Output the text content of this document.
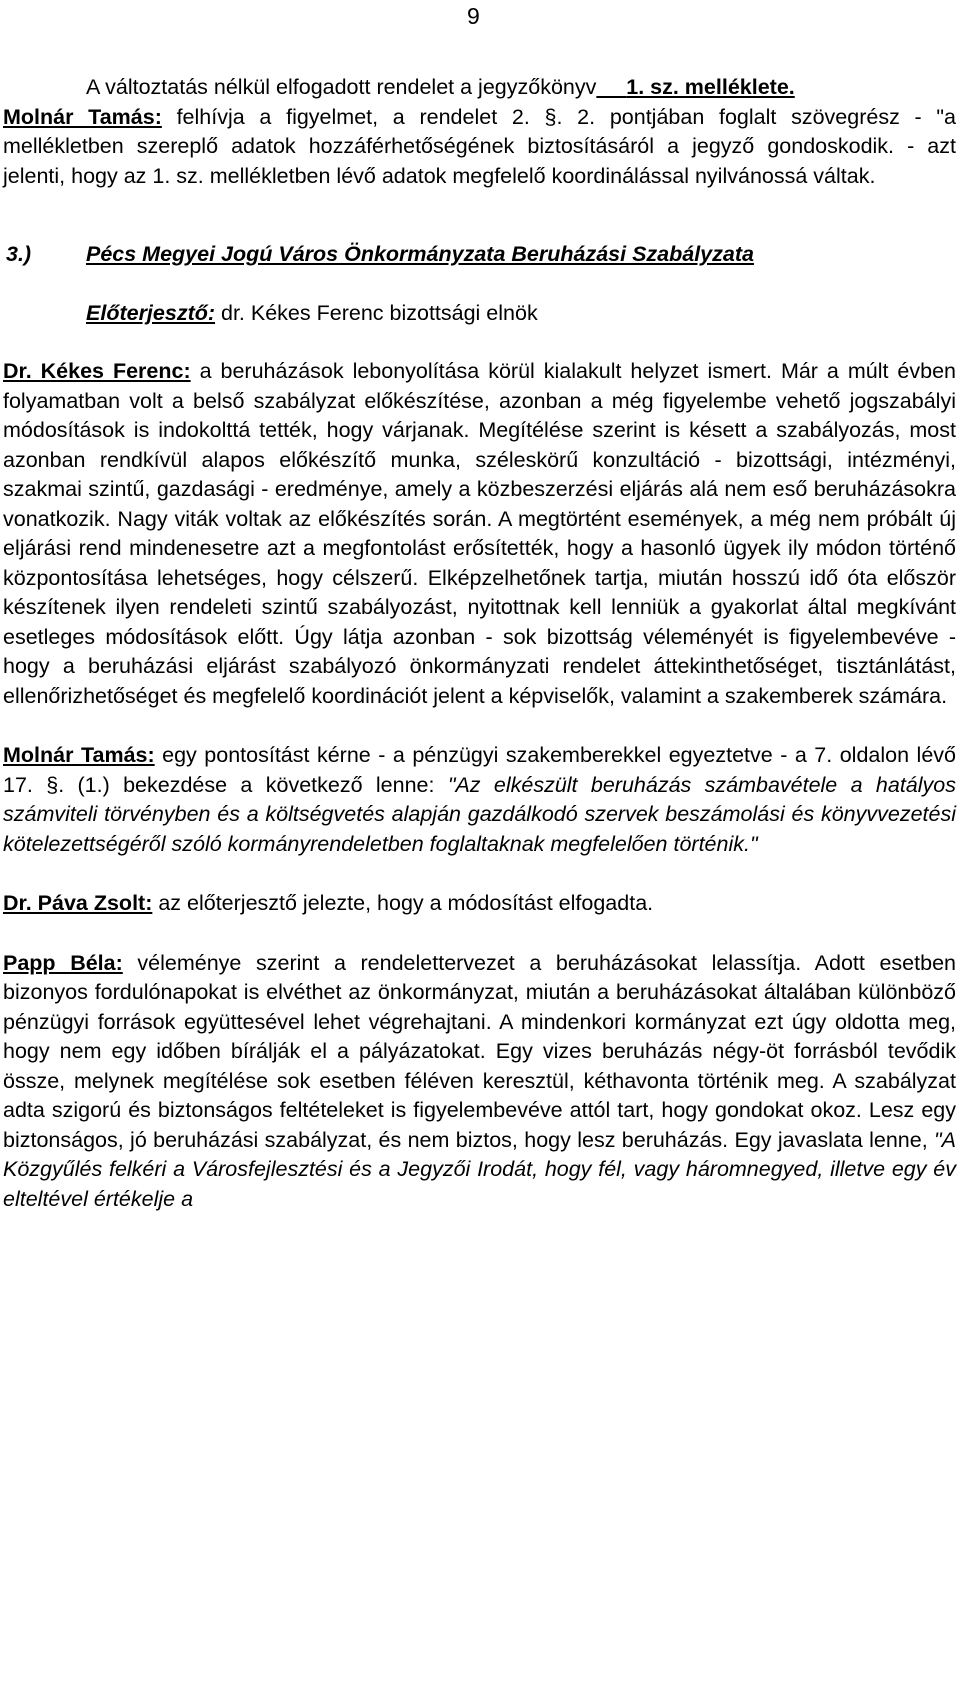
9

A változtatás nélkül elfogadott rendelet a jegyzőkönyv 1. sz. melléklete.

Molnár Tamás: felhívja a figyelmet, a rendelet 2. §. 2. pontjában foglalt szövegrész - "a mellékletben szereplő adatok hozzáférhetőségének biztosításáról a jegyző gondoskodik. - azt jelenti, hogy az 1. sz. mellékletben lévő adatok megfelelő koordinálással nyilvánossá váltak.

3.)	Pécs Megyei Jogú Város Önkormányzata Beruházási Szabályzata
Előterjesztő: dr. Kékes Ferenc bizottsági elnök

Dr. Kékes Ferenc: a beruházások lebonyolítása körül kialakult helyzet ismert. Már a múlt évben folyamatban volt a belső szabályzat előkészítése, azonban a még figyelembe vehető jogszabályi módosítások is indokolttá tették, hogy várjanak. Megítélése szerint is késett a szabályozás, most azonban rendkívül alapos előkészítő munka, széleskörű konzultáció - bizottsági, intézményi, szakmai szintű, gazdasági - eredménye, amely a közbeszerzési eljárás alá nem eső beruházásokra vonatkozik. Nagy viták voltak az előkészítés során. A megtörtént események, a még nem próbált új eljárási rend mindenesetre azt a megfontolást erősítették, hogy a hasonló ügyek ily módon történő központosítása lehetséges, hogy célszerű. Elképzelhetőnek tartja, miután hosszú idő óta először készítenek ilyen rendeleti szintű szabályozást, nyitottnak kell lenniük a gyakorlat által megkívánt esetleges módosítások előtt. Úgy látja azonban - sok bizottság véleményét is figyelembevéve - hogy a beruházási eljárást szabályozó önkormányzati rendelet áttekinthetőséget, tisztánlátást, ellenőrizhetőséget és megfelelő koordinációt jelent a képviselők, valamint a szakemberek számára.

Molnár Tamás: egy pontosítást kérne - a pénzügyi szakemberekkel egyeztetve - a 7. oldalon lévő 17. §. (1.) bekezdése a következő lenne: "Az elkészült beruházás számbavétele a hatályos számviteli törvényben és a költségvetés alapján gazdálkodó szervek beszámolási és könyvvezetési kötelezettségéről szóló kormányrendeletben foglaltaknak megfelelően történik."

Dr. Páva Zsolt: az előterjesztő jelezte, hogy a módosítást elfogadta.

Papp Béla: véleménye szerint a rendelettervezet a beruházásokat lelassítja. Adott esetben bizonyos fordulónapokat is elvéthet az önkormányzat, miután a beruházásokat általában különböző pénzügyi források együttesével lehet végrehajtani. A mindenkori kormányzat ezt úgy oldotta meg, hogy nem egy időben bírálják el a pályázatokat. Egy vizes beruházás négy-öt forrásból tevődik össze, melynek megítélése sok esetben féléven keresztül, kéthavonta történik meg. A szabályzat adta szigorú és biztonságos feltételeket is figyelembevéve attól tart, hogy gondokat okoz. Lesz egy biztonságos, jó beruházási szabályzat, és nem biztos, hogy lesz beruházás. Egy javaslata lenne, "A Közgyűlés felkéri a Városfejlesztési és a Jegyzői Irodát, hogy fél, vagy háromnegyed, illetve egy év elteltével értékelje a
